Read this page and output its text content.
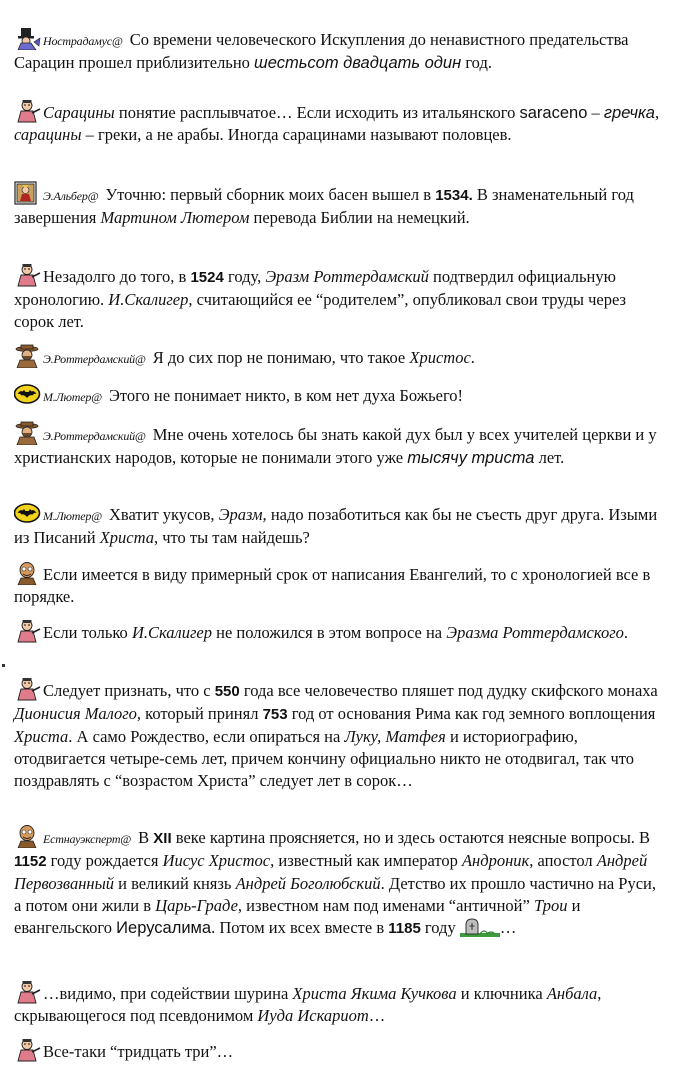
Нострадамус@ Со времени человеческого Искупления до ненавистного предательства Сарацин прошел приблизительно шестьсот двадцать один год.
Сарацины понятие расплывчатое… Если исходить из итальянского saraceno – гречка, сарацины – греки, а не арабы. Иногда сарацинами называют половцев.
Э.Альбер@ Уточню: первый сборник моих басен вышел в 1534. В знаменательный год завершения Мартином Лютером перевода Библии на немецкий.
Незадолго до того, в 1524 году, Эразм Роттердамский подтвердил официальную хронологию. И.Скалигер, считающийся ее “родителем”, опубликовал свои труды через сорок лет.
Э.Роттердамский@ Я до сих пор не понимаю, что такое Христос.
М.Лютер@ Этого не понимает никто, в ком нет духа Божьего!
Э.Роттердамский@ Мне очень хотелось бы знать какой дух был у всех учителей церкви и у христианских народов, которые не понимали этого уже тысячу триста лет.
М.Лютер@ Хватит укусов, Эразм, надо позаботиться как бы не съесть друг друга. Изыми из Писаний Христа, что ты там найдешь?
Если имеется в виду примерный срок от написания Евангелий, то с хронологией все в порядке.
Если только И.Скалигер не положился в этом вопросе на Эразма Роттердамского.
Следует признать, что с 550 года все человечество пляшет под дудку скифского монаха Дионисия Малого, который принял 753 год от основания Рима как год земного воплощения Христа. А само Рождество, если опираться на Луку, Матфея и историографию, отодвигается четыре-семь лет, причем кончину официально никто не отодвигал, так что поздравлять с “возрастом Христа” следует лет в сорок…
Естнауэксперт@ В XII веке картина проясняется, но и здесь остаются неясные вопросы. В 1152 году рождается Иисус Христос, известный как император Андроник, апостол Андрей Первозванный и великий князь Андрей Боголюбский. Детство их прошло частично на Руси, а потом они жили в Царь-Граде, известном нам под именами “античной” Трои и евангельского Иерусалима. Потом их всех вместе в 1185 году
…
…видимо, при содействии шурина Христа Якима Кучкова и ключника Анбала, скрывающегося под псевдонимом Иуда Искариот…
Все-таки “тридцать три”…
